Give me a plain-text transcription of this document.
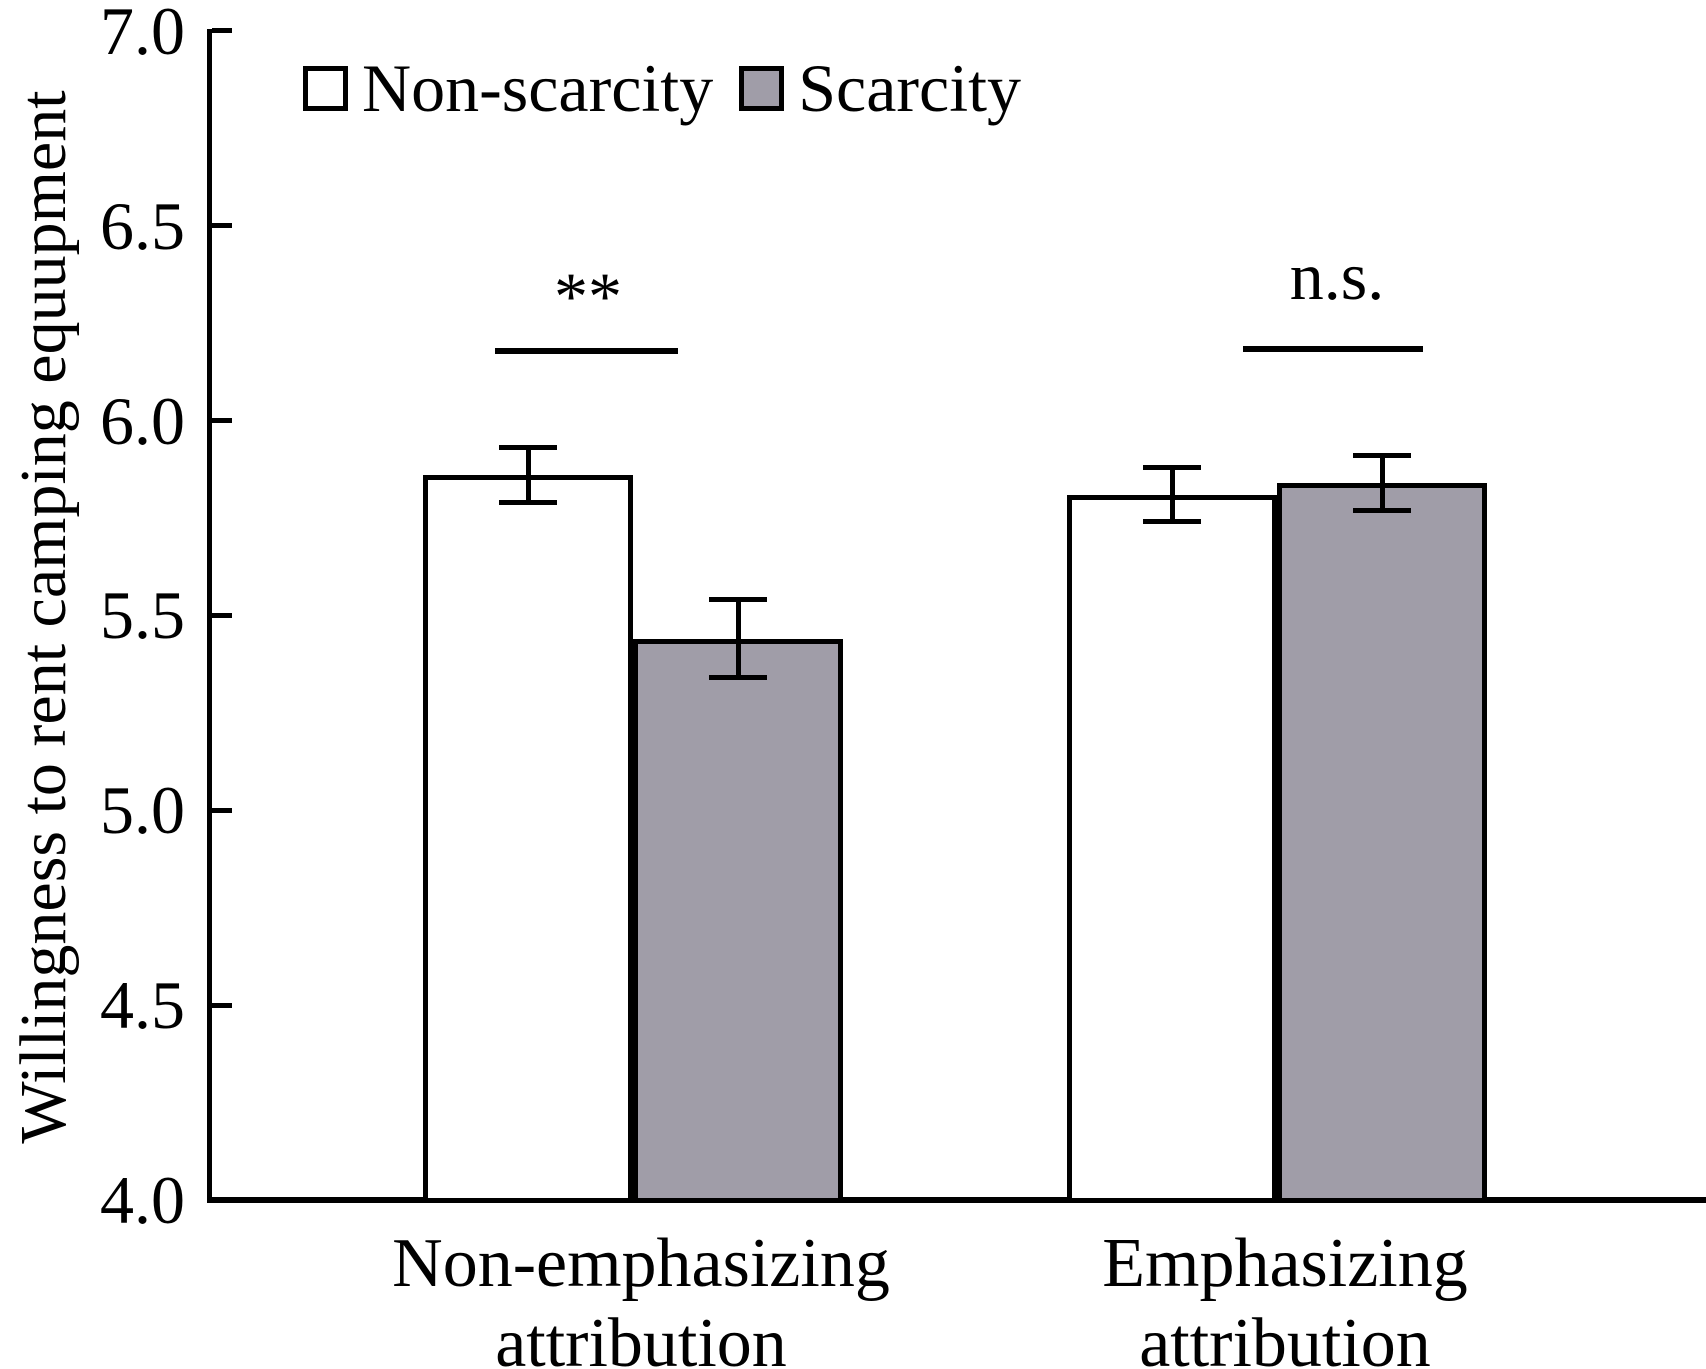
Willingness to rent camping equupment
Non-scarcity Scarcity
7.0
6.5
6.0
5.5
5.0
4.5
4.0
Non-emphasizing
attribution
Emphasizing
attribution
**	n.s.
